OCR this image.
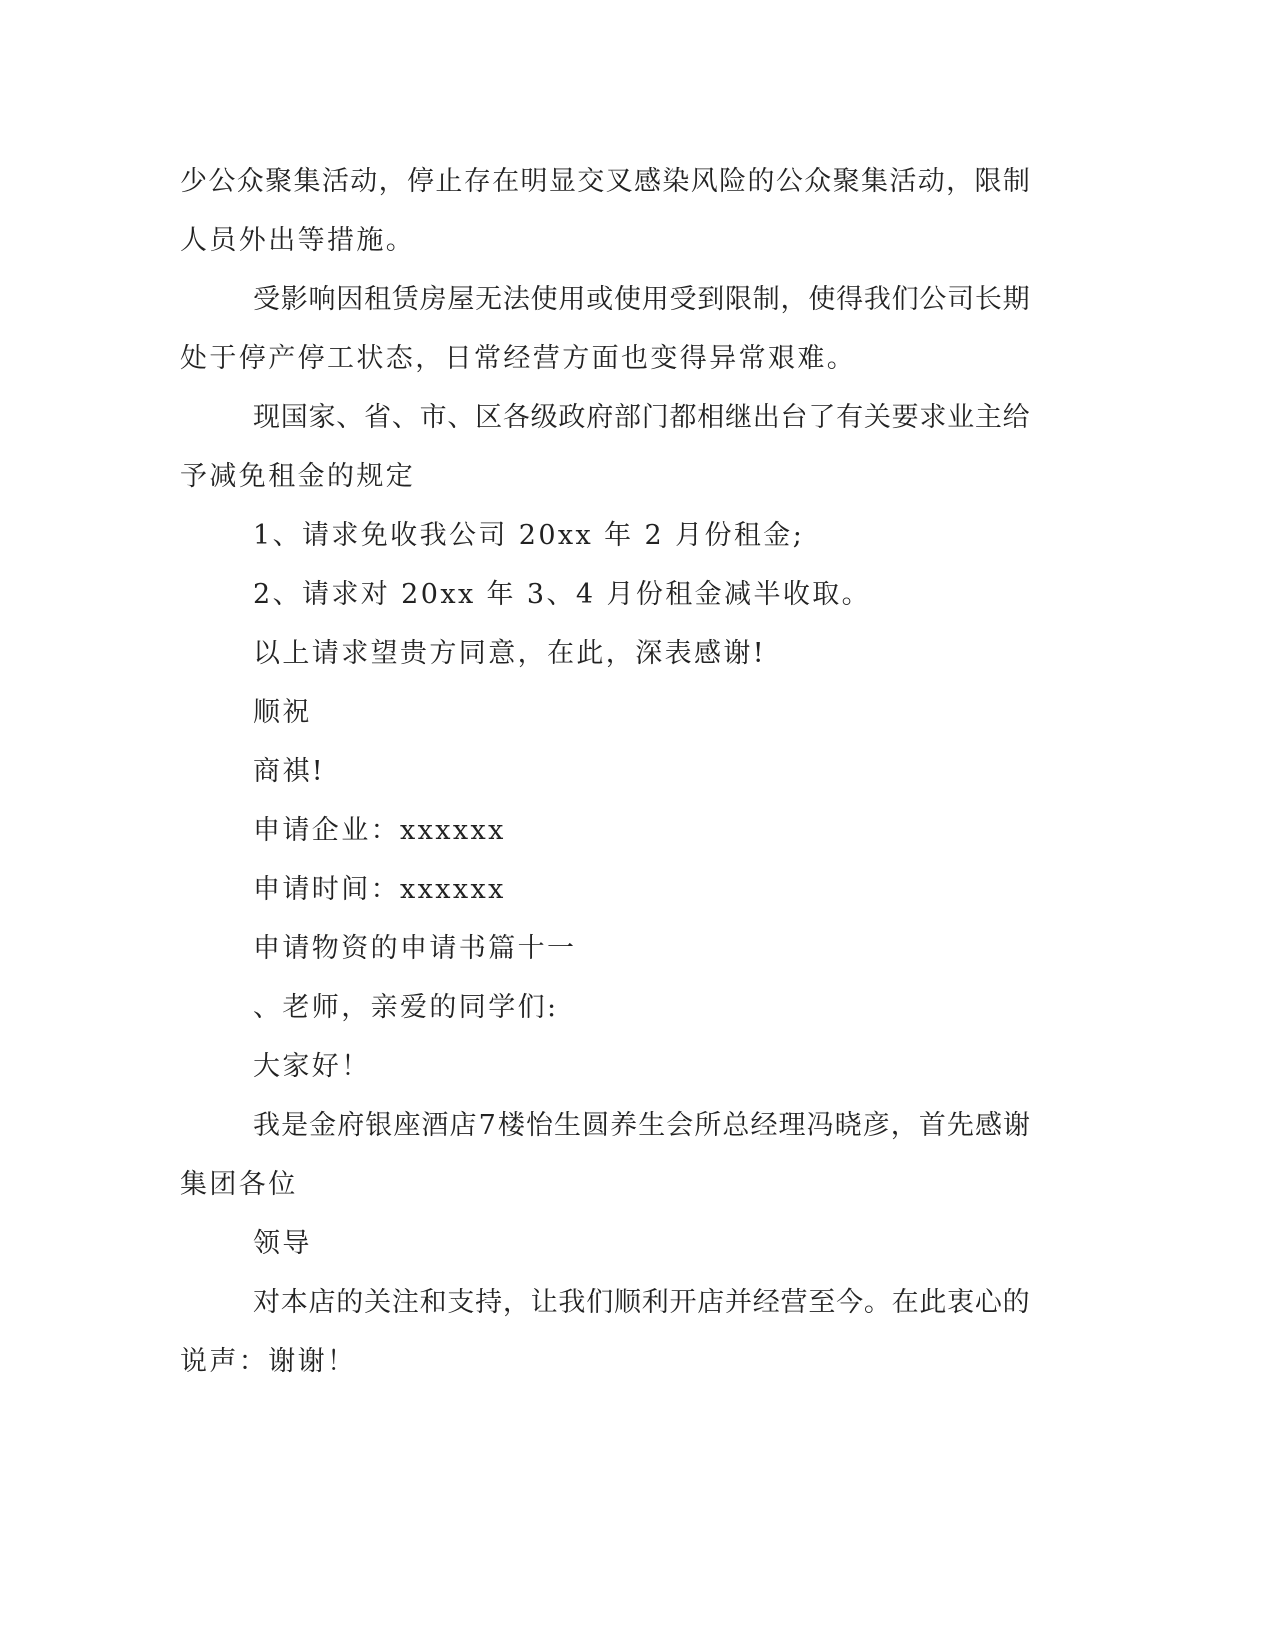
少 公 众 聚 集 活 动 ， 停 止 存 在 明 显 交 叉 感 染 风 险 的 公 众 聚 集 活 动 ， 限 制
人员外出等措施。
受 影 响 因 租 赁 房 屋 无 法 使 用 或 使 用 受 到 限 制 ， 使 得 我 们 公 司 长 期
处于停产停工状态，日常经营方面也变得异常艰难。
现 国 家 、 省 、 市 、 区 各 级 政 府 部 门 都 相 继 出 台 了 有 关 要 求 业 主 给
予减免租金的规定
1、请求免收我公司 20xx 年 2 月份租金;
2、请求对 20xx 年 3、4 月份租金减半收取。
以上请求望贵方同意，在此，深表感谢!
顺祝
商祺!
申请企业：xxxxxx
申请时间：xxxxxx
申请物资的申请书篇十一
、老师，亲爱的同学们:
大家好！
我 是 金 府 银 座 酒 店 7 楼 怡 生 圆 养 生 会 所 总 经 理 冯 晓 彦 ， 首 先 感 谢
集团各位
领导
对 本 店 的 关 注 和 支 持 ， 让 我 们 顺 利 开 店 并 经 营 至 今 。 在 此 衷 心 的
说声：谢谢！
